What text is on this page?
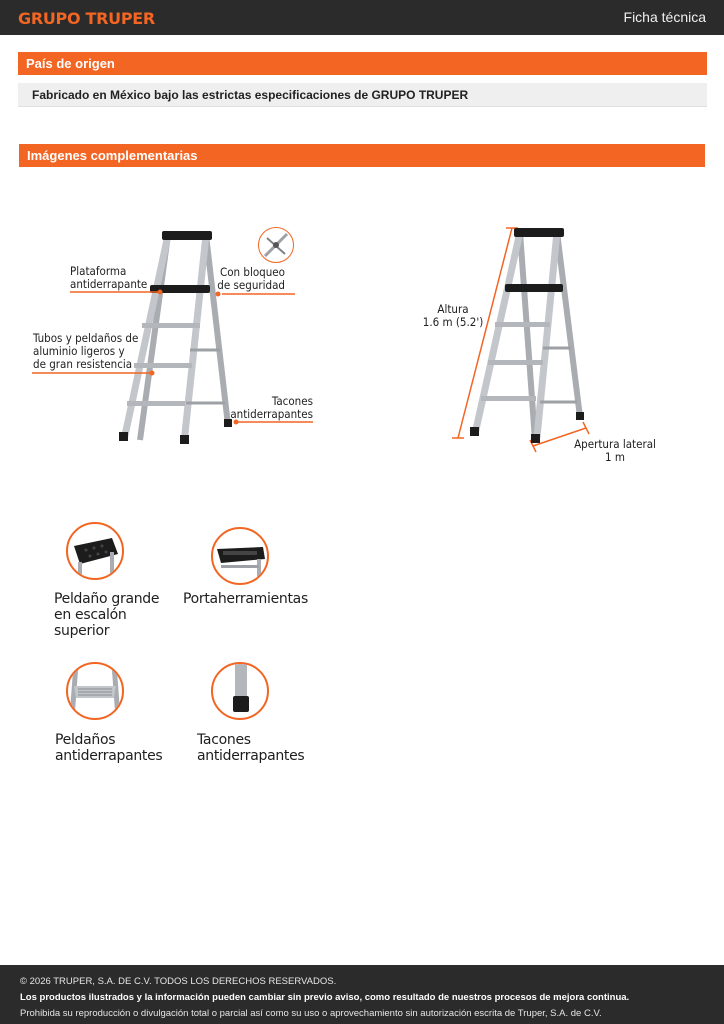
GRUPO TRUPER	Ficha técnica
País de origen
Fabricado en México bajo las estrictas especificaciones de GRUPO TRUPER
Imágenes complementarias
Plataforma
antiderrapante
Con bloqueo
de seguridad
Tubos y peldaños de
aluminio ligeros y
de gran resistencia
Tacones
antiderrapantes
Altura
1.6 m (5.2')
Apertura lateral
1 m
Peldaño grande
en escalón
superior
Portaherramientas
Peldaños
antiderrapantes
Tacones
antiderrapantes
© 2026 TRUPER, S.A. DE C.V. TODOS LOS DERECHOS RESERVADOS.
Los productos ilustrados y la información pueden cambiar sin previo aviso, como resultado de nuestros procesos de mejora continua.
Prohibida su reproducción o divulgación total o parcial así como su uso o aprovechamiento sin autorización escrita de Truper, S.A. de C.V.
